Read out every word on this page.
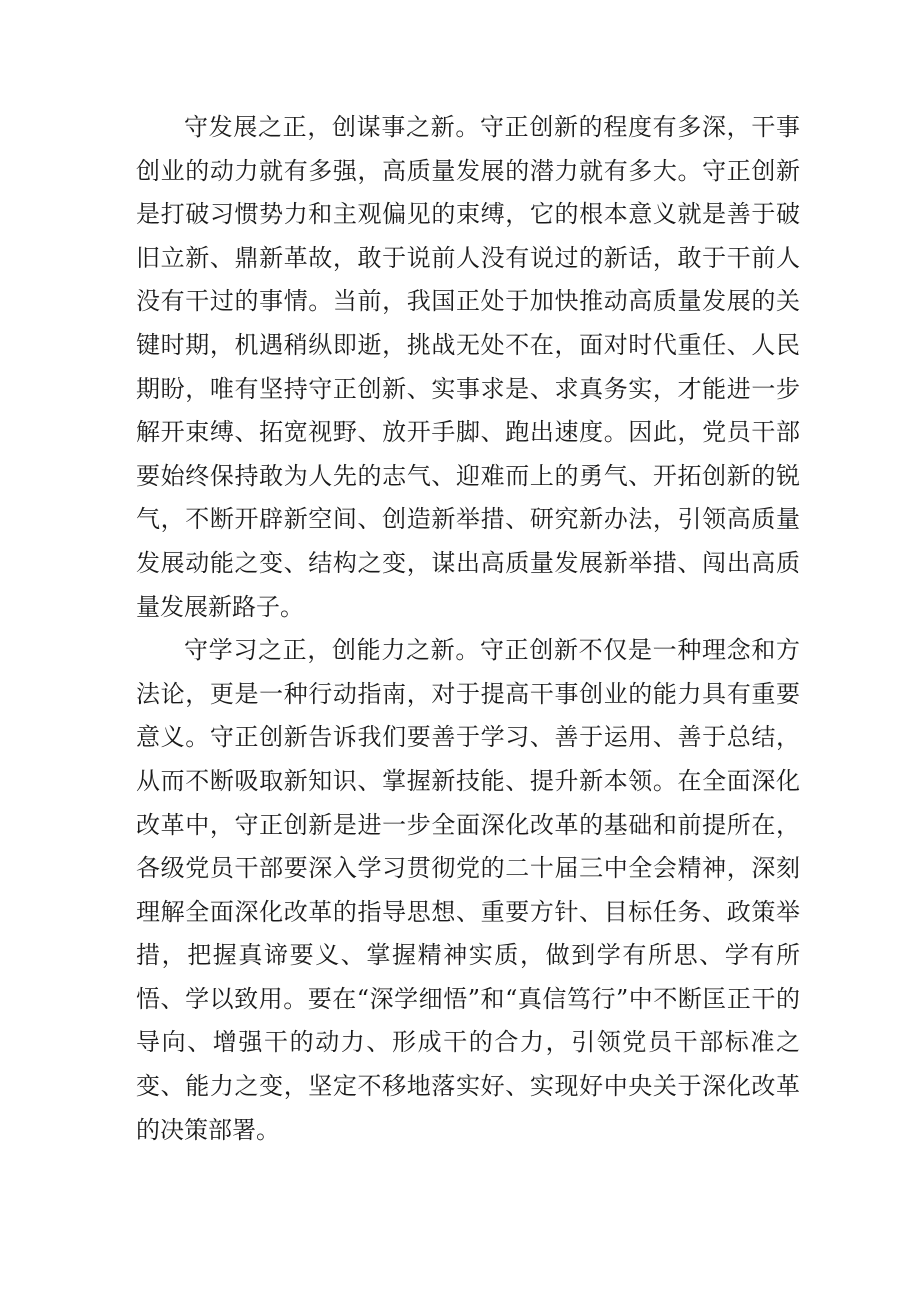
守发展之正，创谋事之新。守正创新的程度有多深，干事创业的动力就有多强，高质量发展的潜力就有多大。守正创新是打破习惯势力和主观偏见的束缚，它的根本意义就是善于破旧立新、鼎新革故，敢于说前人没有说过的新话，敢于干前人没有干过的事情。当前，我国正处于加快推动高质量发展的关键时期，机遇稍纵即逝，挑战无处不在，面对时代重任、人民期盼，唯有坚持守正创新、实事求是、求真务实，才能进一步解开束缚、拓宽视野、放开手脚、跑出速度。因此，党员干部要始终保持敢为人先的志气、迎难而上的勇气、开拓创新的锐气，不断开辟新空间、创造新举措、研究新办法，引领高质量发展动能之变、结构之变，谋出高质量发展新举措、闯出高质量发展新路子。

守学习之正，创能力之新。守正创新不仅是一种理念和方法论，更是一种行动指南，对于提高干事创业的能力具有重要意义。守正创新告诉我们要善于学习、善于运用、善于总结，从而不断吸取新知识、掌握新技能、提升新本领。在全面深化改革中，守正创新是进一步全面深化改革的基础和前提所在，各级党员干部要深入学习贯彻党的二十届三中全会精神，深刻理解全面深化改革的指导思想、重要方针、目标任务、政策举措，把握真谛要义、掌握精神实质，做到学有所思、学有所悟、学以致用。要在“深学细悟”和“真信笃行”中不断匡正干的导向、增强干的动力、形成干的合力，引领党员干部标准之变、能力之变，坚定不移地落实好、实现好中央关于深化改革的决策部署。
